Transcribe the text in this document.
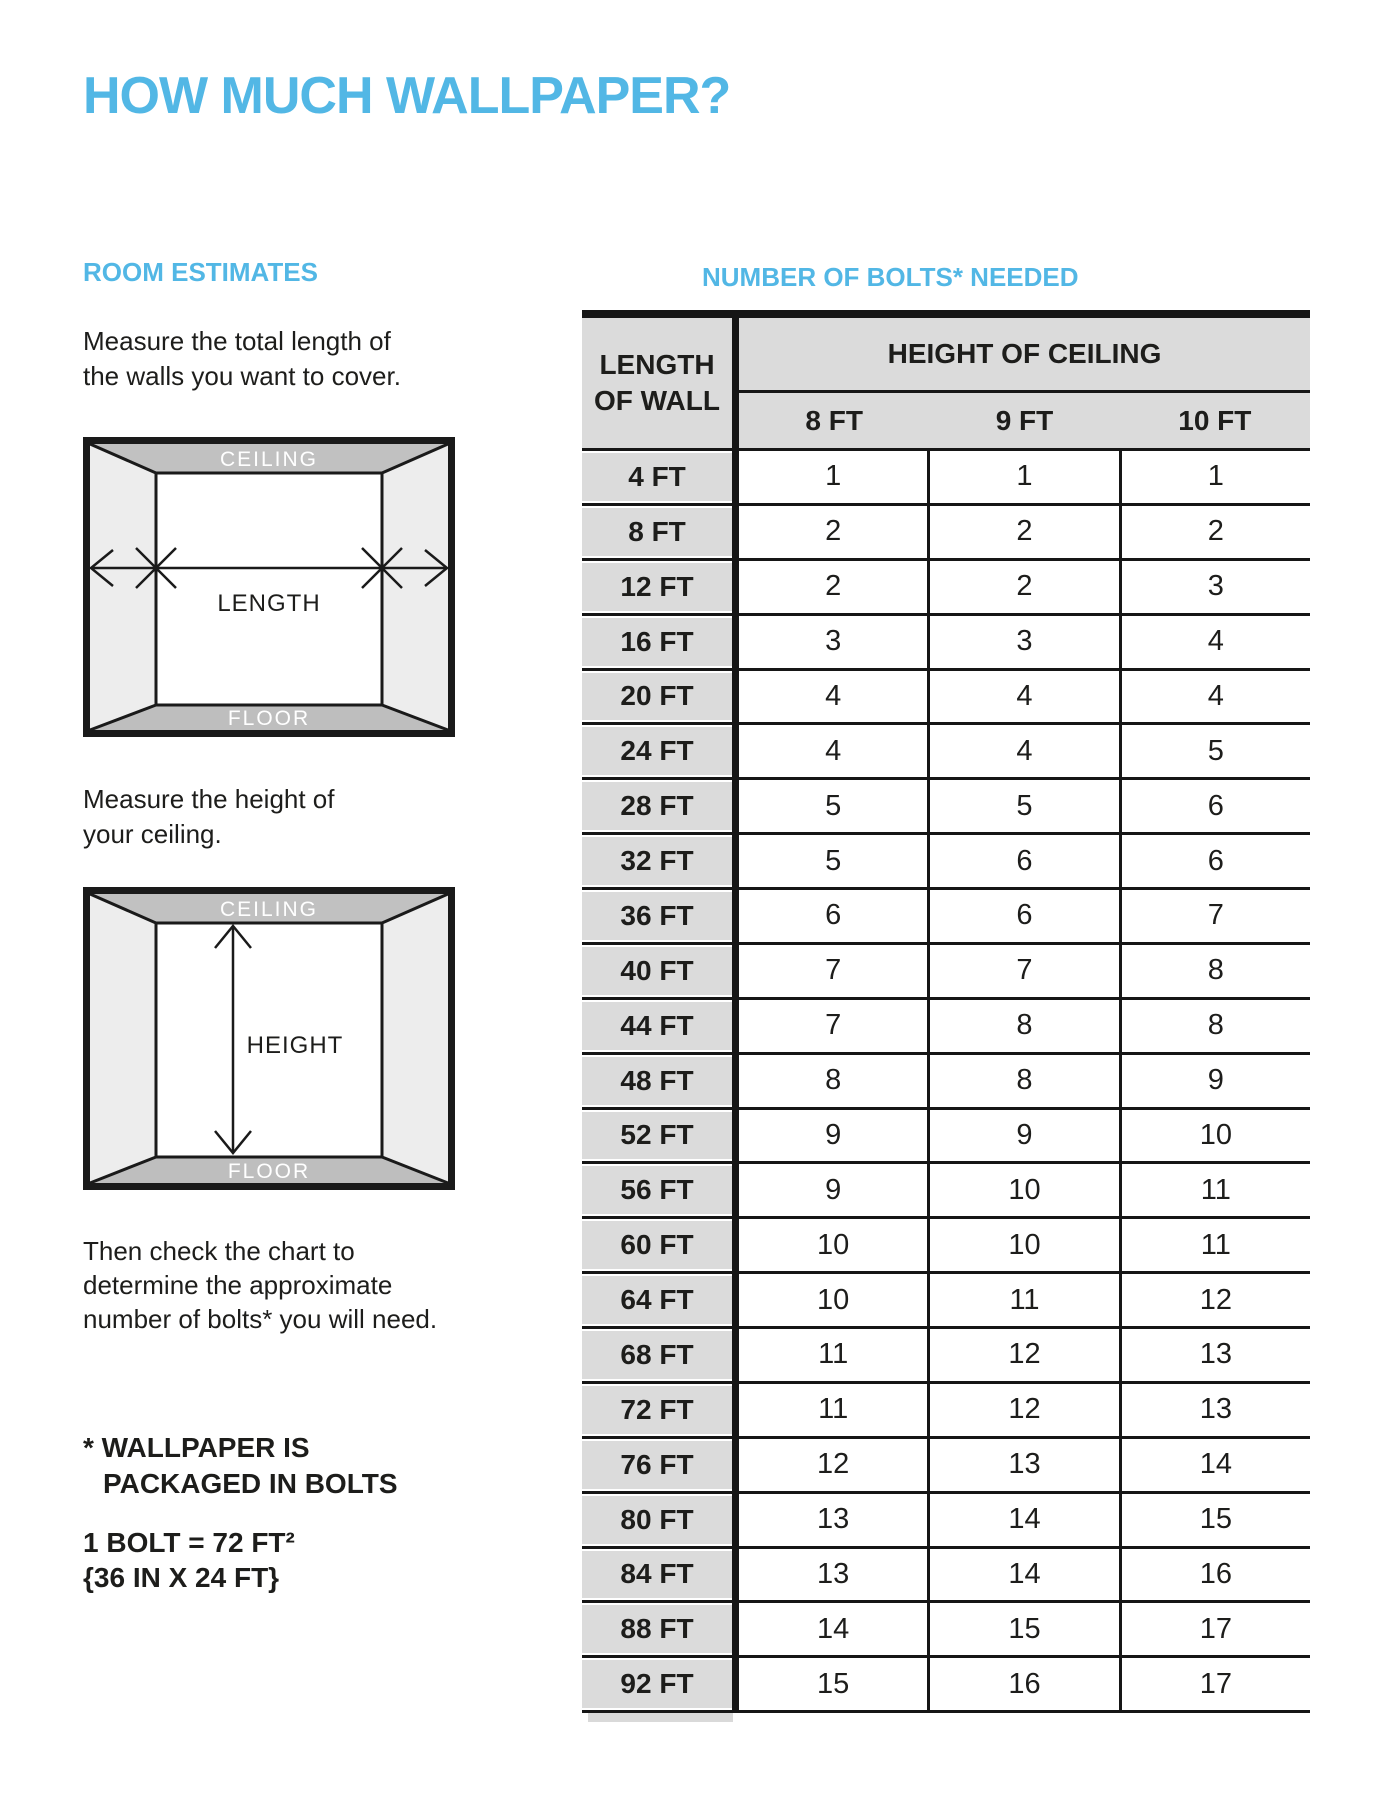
HOW MUCH WALLPAPER?
ROOM ESTIMATES

Measure the total length of
the walls you want to cover.

CEILING
FLOOR
LENGTH

Measure the height of
your ceiling.

CEILING
FLOOR
HEIGHT

Then check the chart to
determine the approximate
number of bolts* you will need.

* WALLPAPER IS
PACKAGED IN BOLTS
1 BOLT = 72 FT²
{36 IN X 24 FT}
NUMBER OF BOLTS* NEEDED
LENGTH
OF WALL
HEIGHT OF CEILING
8 FT	9 FT	10 FT
4 FT	1	1	1
8 FT	2	2	2
12 FT	2	2	3
16 FT	3	3	4
20 FT	4	4	4
24 FT	4	4	5
28 FT	5	5	6
32 FT	5	6	6
36 FT	6	6	7
40 FT	7	7	8
44 FT	7	8	8
48 FT	8	8	9
52 FT	9	9	10
56 FT	9	10	11
60 FT	10	10	11
64 FT	10	11	12
68 FT	11	12	13
72 FT	11	12	13
76 FT	12	13	14
80 FT	13	14	15
84 FT	13	14	16
88 FT	14	15	17
92 FT	15	16	17
